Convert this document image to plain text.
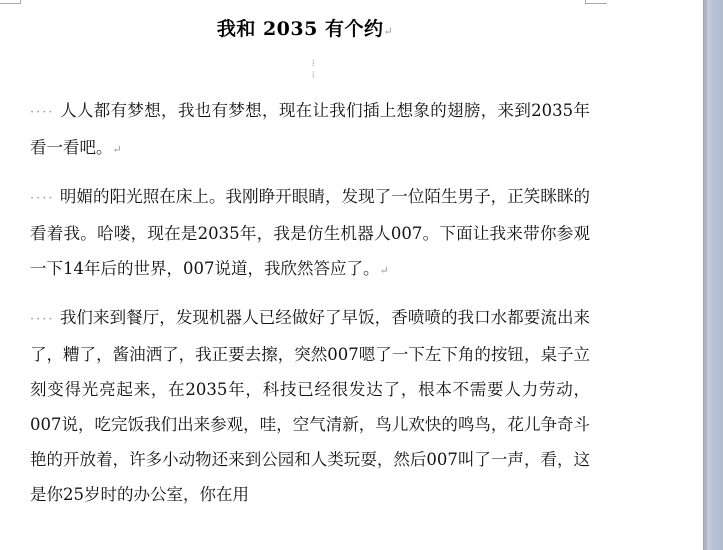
我和 2035 有个约↵
⁞
⁞

···· 人人都有梦想，我也有梦想，现在让我们插上想象的翅膀，来到2035年看一看吧。↵

···· 明媚的阳光照在床上。我刚睁开眼睛，发现了一位陌生男子，正笑眯眯的看着我。哈喽，现在是2035年，我是仿生机器人007。下面让我来带你参观一下14年后的世界，007说道，我欣然答应了。↵

···· 我们来到餐厅，发现机器人已经做好了早饭，香喷喷的我口水都要流出来了，糟了，酱油洒了，我正要去擦，突然007嗯了一下左下角的按钮，桌子立刻变得光亮起来，在2035年，科技已经很发达了，根本不需要人力劳动，007说，吃完饭我们出来参观，哇，空气清新，鸟儿欢快的鸣鸟，花儿争奇斗艳的开放着，许多小动物还来到公园和人类玩耍，然后007叫了一声，看，这是你25岁时的办公室，你在用
